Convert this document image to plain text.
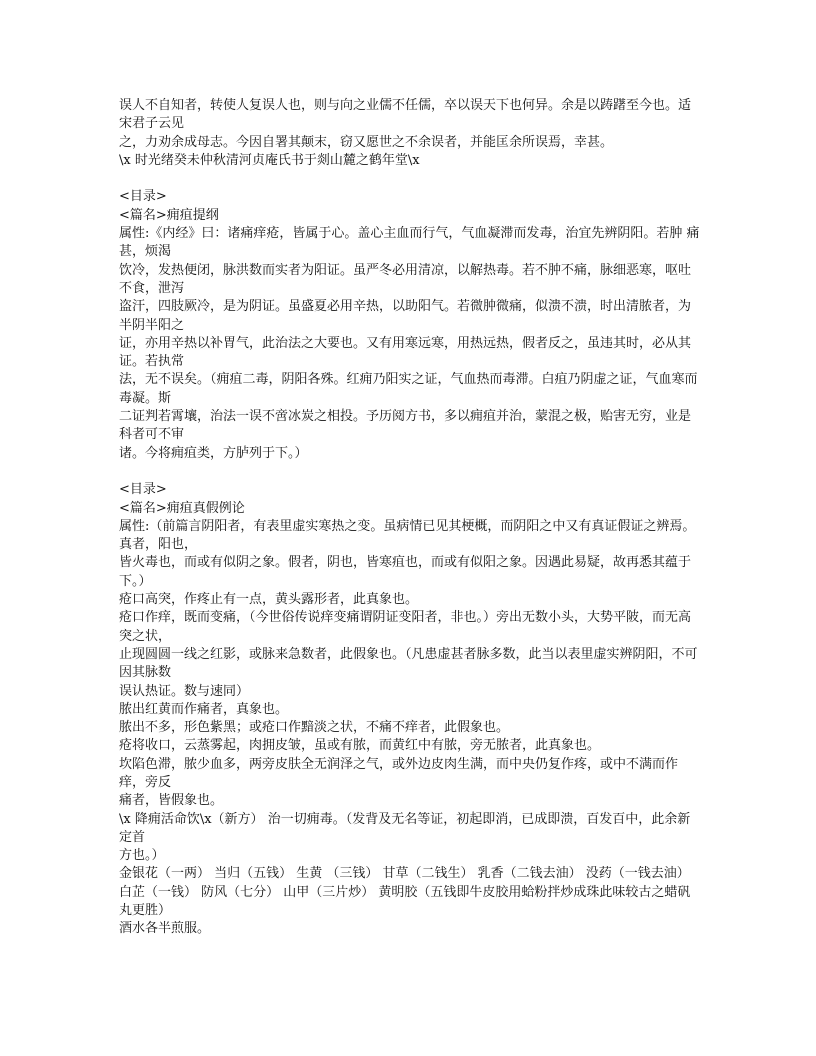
误人不自知者，转使人复误人也，则与向之业儒不任儒，卒以误天下也何异。余是以踌躇至今也。适宋君子云见

之，力劝余成母志。今因自署其颠末，窃又愿世之不余误者，并能匡余所误焉，幸甚。

\x 时光绪癸未仲秋清河贞庵氏书于剡山麓之鹤年堂\x

<目录>

<篇名>痈疽提纲

属性:《内经》曰：诸痛痒疮，皆属于心。盖心主血而行气，气血凝滞而发毒，治宜先辨阴阳。若肿 痛甚，烦渴

饮冷，发热便闭，脉洪数而实者为阳证。虽严冬必用清凉，以解热毒。若不肿不痛，脉细恶寒，呕吐不食，泄泻

盗汗，四肢厥冷，是为阴证。虽盛夏必用辛热，以助阳气。若微肿微痛，似溃不溃，时出清脓者，为半阴半阳之

证，亦用辛热以补胃气，此治法之大要也。又有用寒远寒，用热远热，假者反之，虽违其时，必从其证。若执常

法，无不误矣。（痈疽二毒，阴阳各殊。红痈乃阳实之证，气血热而毒滞。白疽乃阴虚之证，气血寒而毒凝。斯

二证判若霄壤，治法一误不啻冰炭之相投。予历阅方书，多以痈疽并治，蒙混之极，贻害无穷，业是科者可不审

诸。今将痈疽类，方胪列于下。）

<目录>

<篇名>痈疽真假例论

属性:（前篇言阴阳者，有表里虚实寒热之变。虽病情已见其梗概，而阴阳之中又有真证假证之辨焉。真者，阳也，

皆火毒也，而或有似阴之象。假者，阴也，皆寒疽也，而或有似阳之象。因遇此易疑，故再悉其蕴于下。）

疮口高突，作疼止有一点，黄头露形者，此真象也。

疮口作痒，既而变痛，（今世俗传说痒变痛谓阴证变阳者，非也。）旁出无数小头，大势平陂，而无高突之状，

止现圆圆一线之红影，或脉来急数者，此假象也。（凡患虚甚者脉多数，此当以表里虚实辨阴阳，不可因其脉数

误认热证。数与速同）

脓出红黄而作痛者，真象也。

脓出不多，形色紫黑；或疮口作黯淡之状，不痛不痒者，此假象也。

疮将收口，云蒸雾起，肉拥皮皱，虽或有脓，而黄红中有脓，旁无脓者，此真象也。

坎陷色滞，脓少血多，两旁皮肤全无润泽之气，或外边皮肉生满，而中央仍复作疼，或中不满而作痒，旁反

痛者，皆假象也。

\x 降痈活命饮\x（新方） 治一切痈毒。（发背及无名等证，初起即消，已成即溃，百发百中，此余新定首

方也。）

金银花（一两） 当归（五钱） 生黄 （三钱） 甘草（二钱生） 乳香（二钱去油） 没药（一钱去油）

白芷（一钱） 防风（七分） 山甲（三片炒） 黄明胶（五钱即牛皮胶用蛤粉拌炒成珠此味较古之蜡矾丸更胜）

酒水各半煎服。
